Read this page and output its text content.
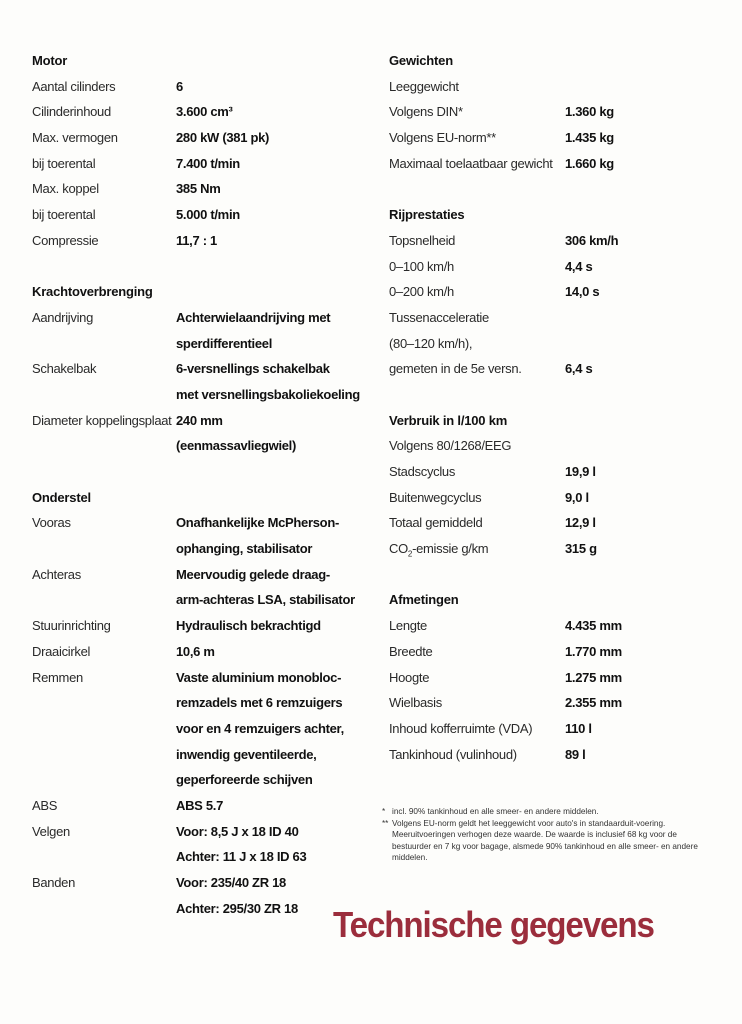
Motor
Aantal cilinders	6
Cilinderinhoud	3.600 cm³
Max. vermogen	280 kW (381 pk)
bij toerental	7.400 t/min
Max. koppel	385 Nm
bij toerental	5.000 t/min
Compressie	11,7 : 1
Krachtoverbrenging
Aandrijving	Achterwielaandrijving met
sperdifferentieel
Schakelbak	6-versnellings schakelbak
met versnellingsbakoliekoeling
Diameter koppelingsplaat 240 mm
(eenmassavliegwiel)
Onderstel
Vooras	Onafhankelijke McPherson-
ophanging, stabilisator
Achteras	Meervoudig gelede draag-
arm-achteras LSA, stabilisator
Stuurinrichting	Hydraulisch bekrachtigd
Draaicirkel	10,6 m
Remmen	Vaste aluminium monobloc-
remzadels met 6 remzuigers
voor en 4 remzuigers achter,
inwendig geventileerde,
geperforeerde schijven
ABS	ABS 5.7
Velgen	Voor: 8,5 J x 18 ID 40
Achter: 11 J x 18 ID 63
Banden	Voor: 235/40 ZR 18
Achter: 295/30 ZR 18
Gewichten
Leeggewicht
Volgens DIN*	1.360 kg
Volgens EU-norm**	1.435 kg
Maximaal toelaatbaar gewicht 1.660 kg
Rijprestaties
Topsnelheid	306 km/h
0–100 km/h	4,4 s
0–200 km/h	14,0 s
Tussenacceleratie
(80–120 km/h),
gemeten in de 5e versn.	6,4 s
Verbruik in l/100 km
Volgens 80/1268/EEG
Stadscyclus	19,9 l
Buitenwegcyclus	9,0 l
Totaal gemiddeld	12,9 l
$CO_2$-emissie g/km	315 g
Afmetingen
Lengte	4.435 mm
Breedte	1.770 mm
Hoogte	1.275 mm
Wielbasis	2.355 mm
Inhoud kofferruimte (VDA)	110 l
Tankinhoud (vulinhoud)	89 l
* incl. 90% tankinhoud en alle smeer- en andere middelen.
** Volgens EU-norm geldt het leeggewicht voor auto's in standaarduit-voering. Meeruitvoeringen verhogen deze waarde. De waarde is inclusief 68 kg voor de bestuurder en 7 kg voor bagage, alsmede 90% tankinhoud en alle smeer- en andere middelen.
Technische gegevens
